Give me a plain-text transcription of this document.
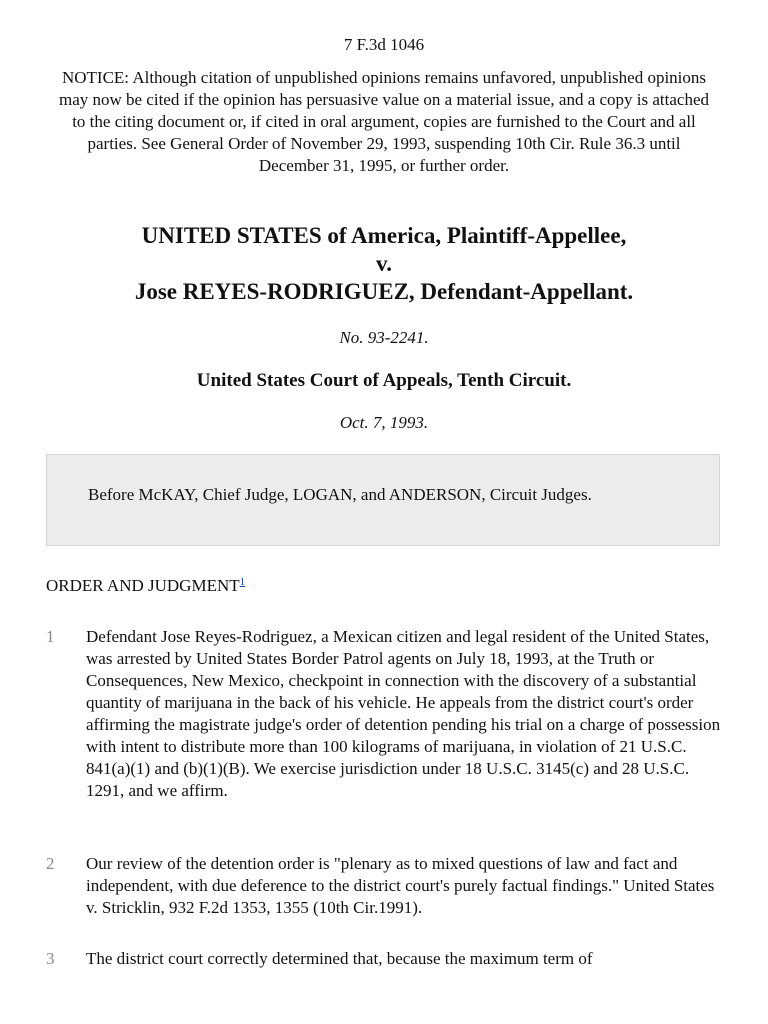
7 F.3d 1046
NOTICE: Although citation of unpublished opinions remains unfavored, unpublished opinions may now be cited if the opinion has persuasive value on a material issue, and a copy is attached to the citing document or, if cited in oral argument, copies are furnished to the Court and all parties. See General Order of November 29, 1993, suspending 10th Cir. Rule 36.3 until December 31, 1995, or further order.
UNITED STATES of America, Plaintiff-Appellee,
v.
Jose REYES-RODRIGUEZ, Defendant-Appellant.
No. 93-2241.
United States Court of Appeals, Tenth Circuit.
Oct. 7, 1993.
Before McKAY, Chief Judge, LOGAN, and ANDERSON, Circuit Judges.
ORDER AND JUDGMENT$^1$
1 Defendant Jose Reyes-Rodriguez, a Mexican citizen and legal resident of the United States, was arrested by United States Border Patrol agents on July 18, 1993, at the Truth or Consequences, New Mexico, checkpoint in connection with the discovery of a substantial quantity of marijuana in the back of his vehicle. He appeals from the district court's order affirming the magistrate judge's order of detention pending his trial on a charge of possession with intent to distribute more than 100 kilograms of marijuana, in violation of 21 U.S.C. 841(a)(1) and (b)(1)(B). We exercise jurisdiction under 18 U.S.C. 3145(c) and 28 U.S.C. 1291, and we affirm.
2 Our review of the detention order is "plenary as to mixed questions of law and fact and independent, with due deference to the district court's purely factual findings." United States v. Stricklin, 932 F.2d 1353, 1355 (10th Cir.1991).
3 The district court correctly determined that, because the maximum term of
